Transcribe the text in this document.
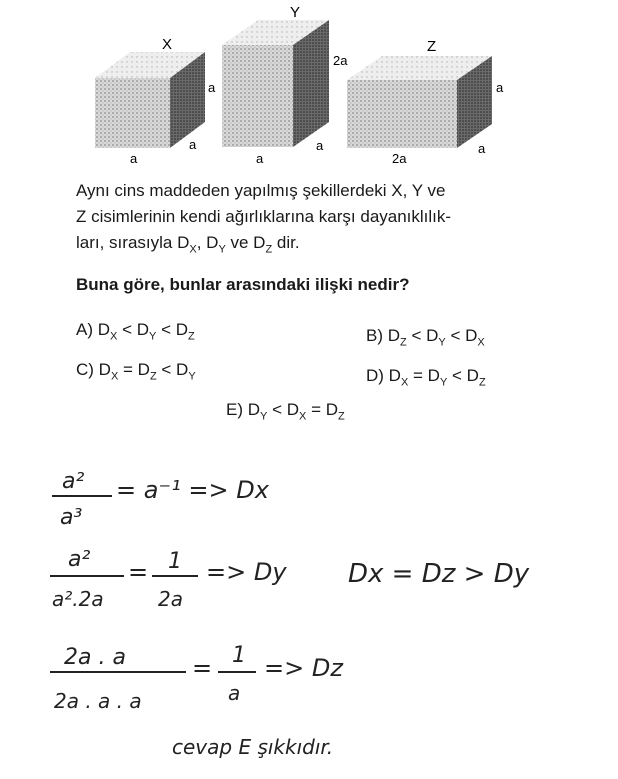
X
a
a
a
Y
2a
a
a
Z
a
2a
a
Aynı cins maddeden yapılmış şekillerdeki X, Y ve
Z cisimlerinin kendi ağırlıklarına karşı dayanıklılık-
ları, sırasıyla $D_X$, $D_Y$ ve $D_Z$ dir.
Buna göre, bunlar arasındaki ilişki nedir?
A) $D_X < D_Y < D_Z$	B) $D_Z < D_Y < D_X$
C) $D_X = D_Z < D_Y$	D) $D_X = D_Y < D_Z$
E) $D_Y < D_X = D_Z$
a²
a³
= a⁻¹ => Dx
a²
a².2a
= 1
2a
=> Dy Dx = Dz > Dy
2a . a
2a . a . a
= 1
a
=> Dz
cevap E şıkkıdır.
